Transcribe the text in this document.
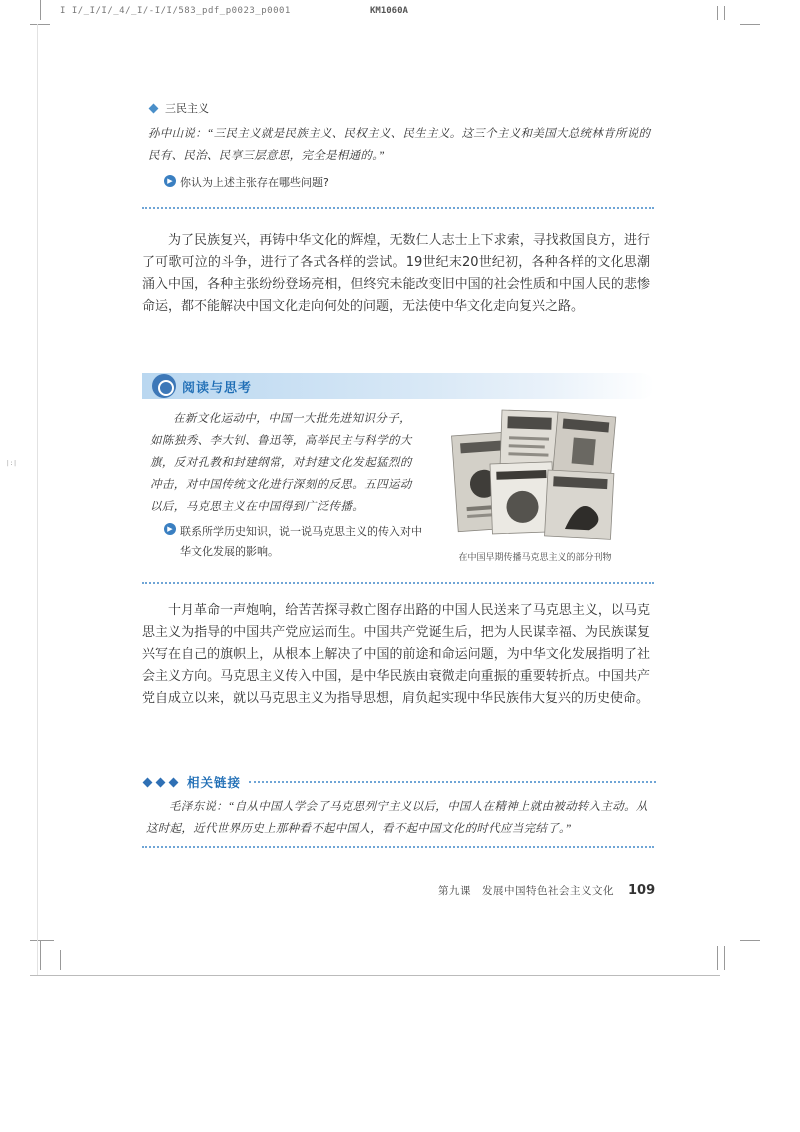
I I/_I/I/_4/_I/-I/I/583_pdf_p0023_p0001	KM1060A
|:|
三民主义
孙中山说：“三民主义就是民族主义、民权主义、民生主义。这三个主义和美国大总统林肯所说的民有、民治、民享三层意思，完全是相通的。”
▶ 你认为上述主张存在哪些问题?

为了民族复兴，再铸中华文化的辉煌，无数仁人志士上下求索，寻找救国良方，进行了可歌可泣的斗争，进行了各式各样的尝试。19世纪末20世纪初，各种各样的文化思潮涌入中国，各种主张纷纷登场亮相，但终究未能改变旧中国的社会性质和中国人民的悲惨命运，都不能解决中国文化走向何处的问题，无法使中华文化走向复兴之路。

阅读与思考

在新文化运动中，中国一大批先进知识分子，如陈独秀、李大钊、鲁迅等，高举民主与科学的大旗，反对孔教和封建纲常，对封建文化发起猛烈的冲击，对中国传统文化进行深刻的反思。五四运动以后，马克思主义在中国得到广泛传播。

▶ 联系所学历史知识，说一说马克思主义的传入对中华文化发展的影响。	在中国早期传播马克思主义的部分刊物

十月革命一声炮响，给苦苦探寻救亡图存出路的中国人民送来了马克思主义，以马克思主义为指导的中国共产党应运而生。中国共产党诞生后，把为人民谋幸福、为民族谋复兴写在自己的旗帜上，从根本上解决了中国的前途和命运问题，为中华文化发展指明了社会主义方向。马克思主义传入中国，是中华民族由衰微走向重振的重要转折点。中国共产党自成立以来，就以马克思主义为指导思想，肩负起实现中华民族伟大复兴的历史使命。

相关链接

毛泽东说：“自从中国人学会了马克思列宁主义以后，中国人在精神上就由被动转入主动。从这时起，近代世界历史上那种看不起中国人，看不起中国文化的时代应当完结了。”

第九课　发展中国特色社会主义文化 109
